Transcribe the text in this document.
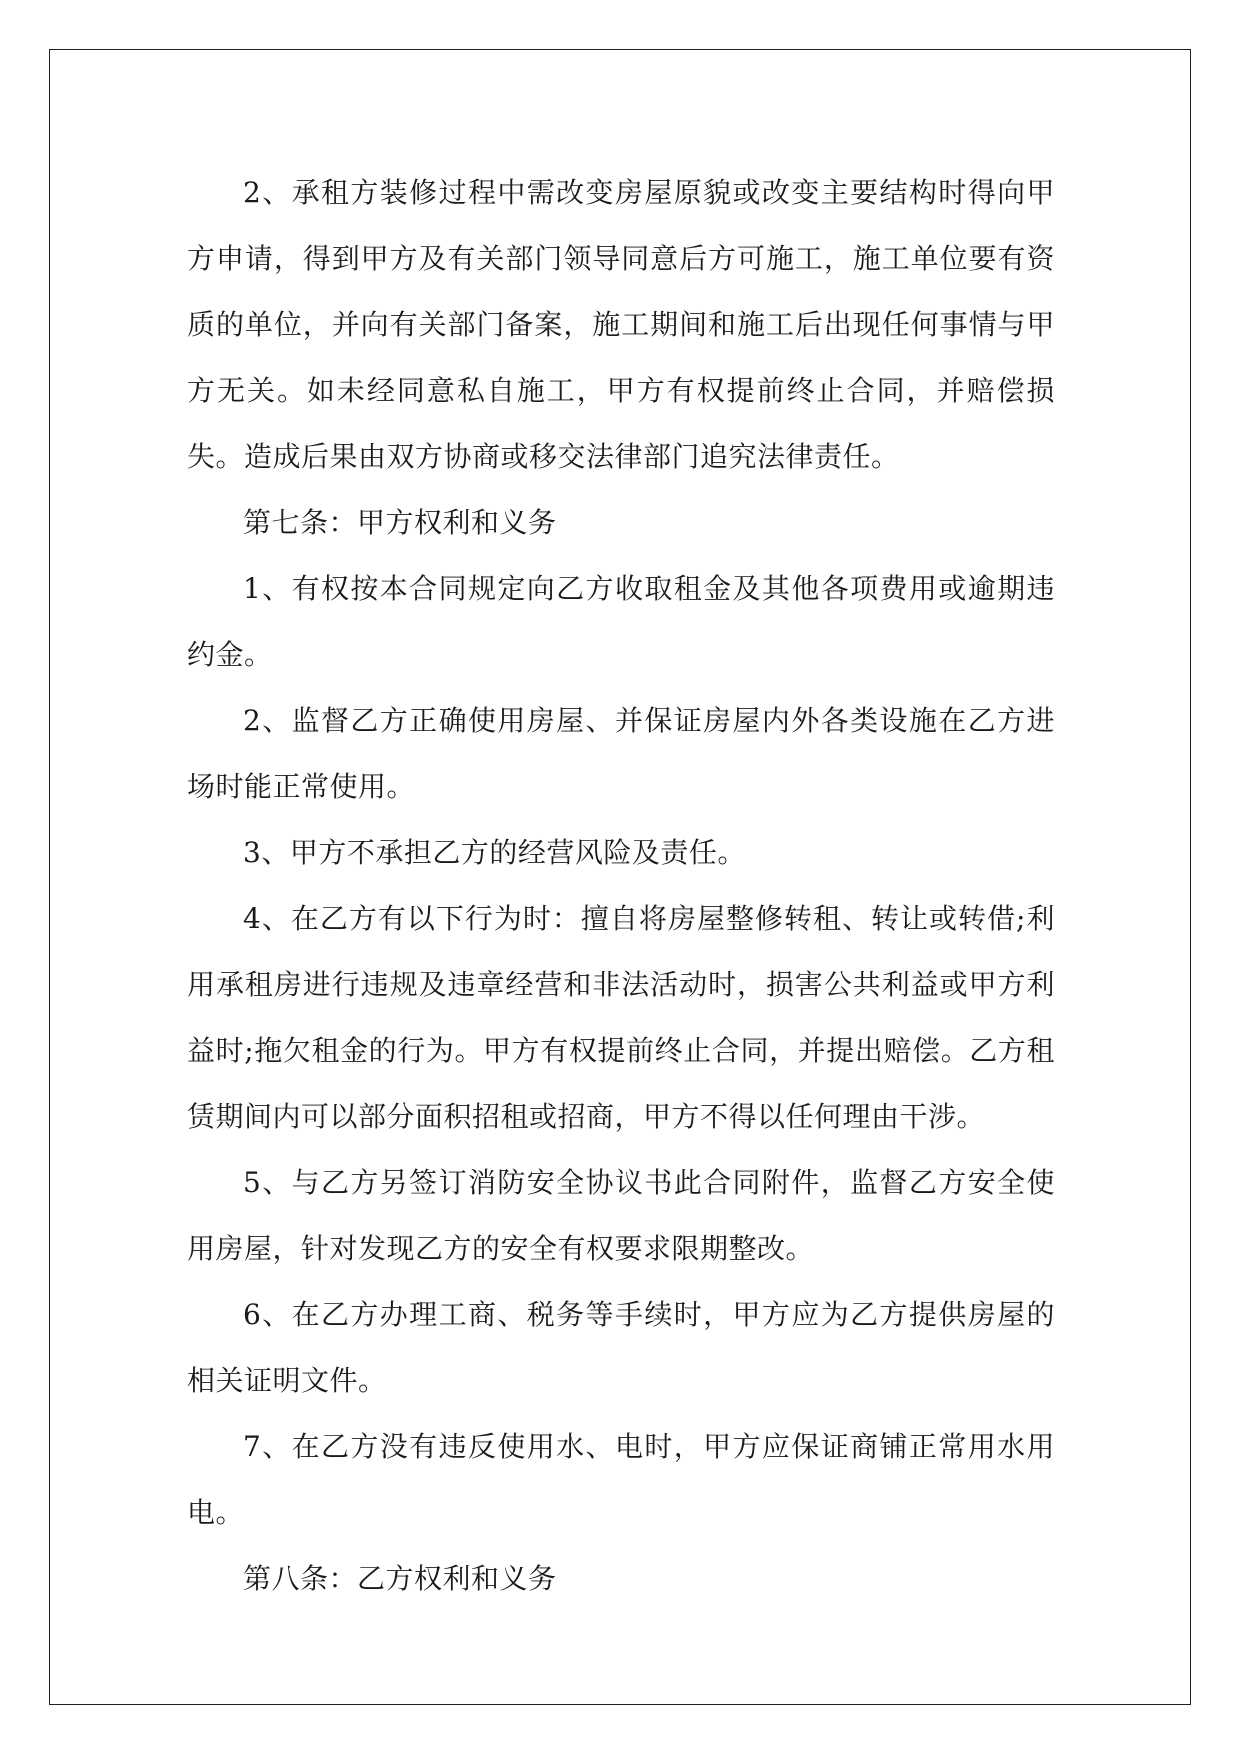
2、承租方装修过程中需改变房屋原貌或改变主要结构时得向甲方申请，得到甲方及有关部门领导同意后方可施工，施工单位要有资质的单位，并向有关部门备案，施工期间和施工后出现任何事情与甲方无关。如未经同意私自施工，甲方有权提前终止合同，并赔偿损失。造成后果由双方协商或移交法律部门追究法律责任。

第七条：甲方权利和义务

1、有权按本合同规定向乙方收取租金及其他各项费用或逾期违约金。

2、监督乙方正确使用房屋、并保证房屋内外各类设施在乙方进场时能正常使用。

3、甲方不承担乙方的经营风险及责任。

4、在乙方有以下行为时：擅自将房屋整修转租、转让或转借;利用承租房进行违规及违章经营和非法活动时，损害公共利益或甲方利益时;拖欠租金的行为。甲方有权提前终止合同，并提出赔偿。乙方租赁期间内可以部分面积招租或招商，甲方不得以任何理由干涉。

5、与乙方另签订消防安全协议书此合同附件，监督乙方安全使用房屋，针对发现乙方的安全有权要求限期整改。

6、在乙方办理工商、税务等手续时，甲方应为乙方提供房屋的相关证明文件。

7、在乙方没有违反使用水、电时，甲方应保证商铺正常用水用电。

第八条：乙方权利和义务
